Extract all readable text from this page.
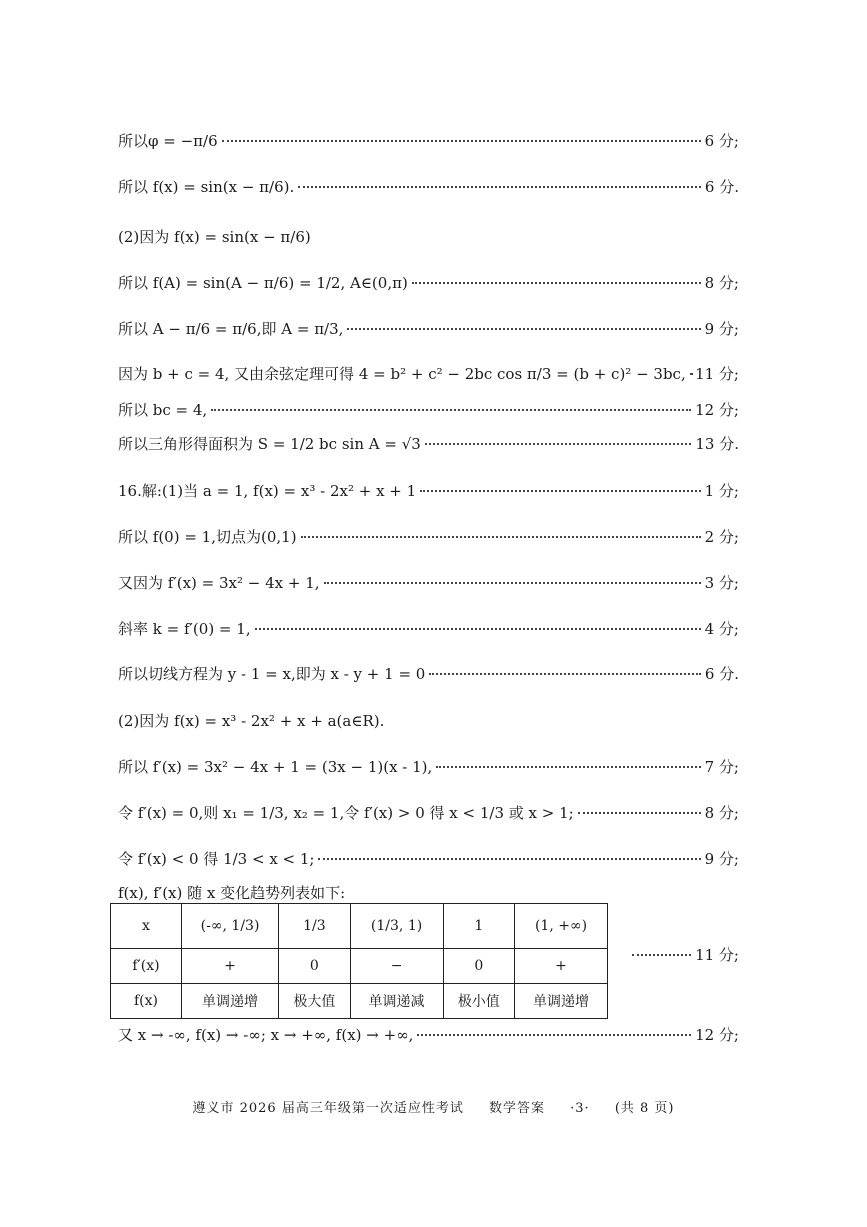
所以φ = −π/6	6 分;
所以 f(x) = sin(x − π/6).	6 分.
(2)因为 f(x) = sin(x − π/6)
所以 f(A) = sin(A − π/6) = 1/2, A∈(0,π)	8 分;
所以 A − π/6 = π/6,即 A = π/3,	9 分;
因为 b + c = 4, 又由余弦定理可得 4 = b² + c² − 2bc cos π/3 = (b + c)² − 3bc, 11 分;
所以 bc = 4,	12 分;
所以三角形得面积为 S = 1/2 bc sin A = √3	13 分.
16.解:(1)当 a = 1, f(x) = x³ - 2x² + x + 1	1 分;
所以 f(0) = 1,切点为(0,1)	2 分;
又因为 f′(x) = 3x² − 4x + 1,	3 分;
斜率 k = f′(0) = 1,	4 分;
所以切线方程为 y - 1 = x,即为 x - y + 1 = 0	6 分.
(2)因为 f(x) = x³ - 2x² + x + a(a∈R).
所以 f′(x) = 3x² − 4x + 1 = (3x − 1)(x - 1),	7 分;
令 f′(x) = 0,则 x₁ = 1/3, x₂ = 1,令 f′(x) > 0 得 x < 1/3 或 x > 1;	8 分;
令 f′(x) < 0 得 1/3 < x < 1;	9 分;
f(x), f′(x) 随 x 变化趋势列表如下:
x	(-∞, 1/3)	1/3	(1/3, 1)	1	(1, +∞)
f′(x)	+	0	−	0	+
f(x)	单调递增	极大值	单调递减	极小值	单调递增
11 分;
又 x → -∞, f(x) → -∞; x → +∞, f(x) → +∞,	12 分;
遵义市 2026 届高三年级第一次适应性考试 数学答案 ·3· (共 8 页)
